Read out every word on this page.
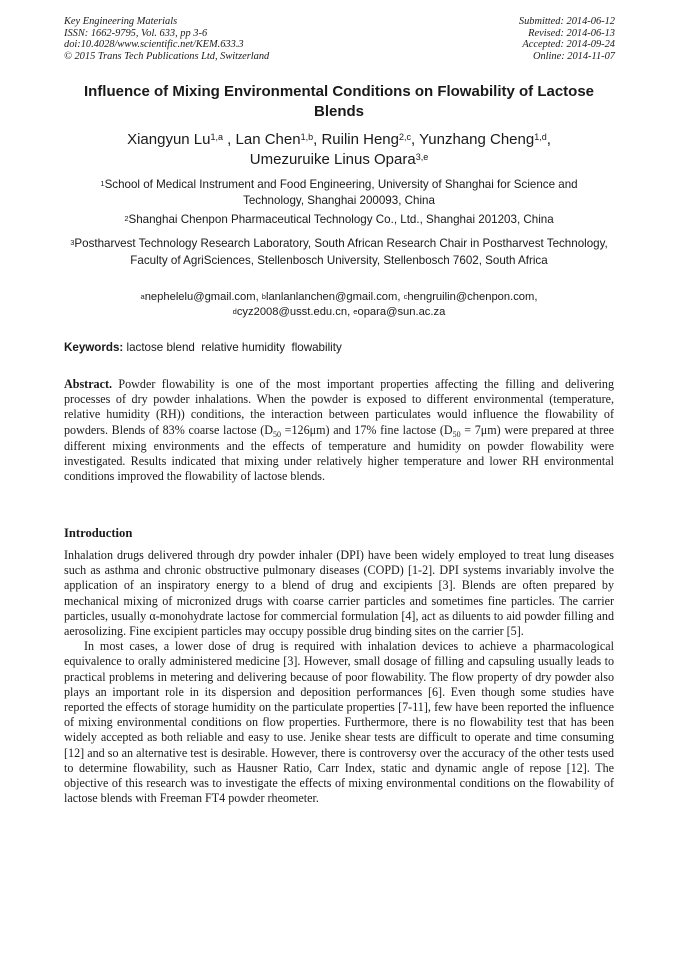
Key Engineering Materials
ISSN: 1662-9795, Vol. 633, pp 3-6
doi:10.4028/www.scientific.net/KEM.633.3
© 2015 Trans Tech Publications Ltd, Switzerland
Submitted: 2014-06-12
Revised: 2014-06-13
Accepted: 2014-09-24
Online: 2014-11-07
Influence of Mixing Environmental Conditions on Flowability of Lactose Blends
Xiangyun Lu$^{1,a}$ , Lan Chen$^{1,b}$, Ruilin Heng$^{2,c}$, Yunzhang Cheng$^{1,d}$,
Umezuruike Linus Opara$^{3,e}$
$^1$School of Medical Instrument and Food Engineering, University of Shanghai for Science and Technology, Shanghai 200093, China
$^2$Shanghai Chenpon Pharmaceutical Technology Co., Ltd., Shanghai 201203, China
$^3$Postharvest Technology Research Laboratory, South African Research Chair in Postharvest Technology, Faculty of AgriSciences, Stellenbosch University, Stellenbosch 7602, South Africa
$^a$nephelelu@gmail.com, $^b$lanlanlanchen@gmail.com, $^c$hengruilin@chenpon.com,
$^d$cyz2008@usst.edu.cn, $^e$opara@sun.ac.za
Keywords: lactose blend  relative humidity  flowability
Abstract. Powder flowability is one of the most important properties affecting the filling and delivering processes of dry powder inhalations. When the powder is exposed to different environmental (temperature, relative humidity (RH)) conditions, the interaction between particulates would influence the flowability of powders. Blends of 83% coarse lactose $(D_{50} =126\mu m)$ and 17% fine lactose $(D_{50} = 7\mu m)$ were prepared at three different mixing environments and the effects of temperature and humidity on powder flowability were investigated. Results indicated that mixing under relatively higher temperature and lower RH environmental conditions improved the flowability of lactose blends.
Introduction

Inhalation drugs delivered through dry powder inhaler (DPI) have been widely employed to treat lung diseases such as asthma and chronic obstructive pulmonary diseases (COPD) [1-2]. DPI systems invariably involve the application of an inspiratory energy to a blend of drug and excipients [3]. Blends are often prepared by mechanical mixing of micronized drugs with coarse carrier particles and sometimes fine particles. The carrier particles, usually α-monohydrate lactose for commercial formulation [4], act as diluents to aid powder filling and aerosolizing. Fine excipient particles may occupy possible drug binding sites on the carrier [5].

In most cases, a lower dose of drug is required with inhalation devices to achieve a pharmacological equivalence to orally administered medicine [3]. However, small dosage of filling and capsuling usually leads to practical problems in metering and delivering because of poor flowability. The flow property of dry powder also plays an important role in its dispersion and deposition performances [6]. Even though some studies have reported the effects of storage humidity on the particulate properties [7-11], few have been reported the influence of mixing environmental conditions on flow properties. Furthermore, there is no flowability test that has been widely accepted as both reliable and easy to use. Jenike shear tests are difficult to operate and time consuming [12] and so an alternative test is desirable. However, there is controversy over the accuracy of the other tests used to determine flowability, such as Hausner Ratio, Carr Index, static and dynamic angle of repose [12]. The objective of this research was to investigate the effects of mixing environmental conditions on the flowability of lactose blends with Freeman FT4 powder rheometer.
